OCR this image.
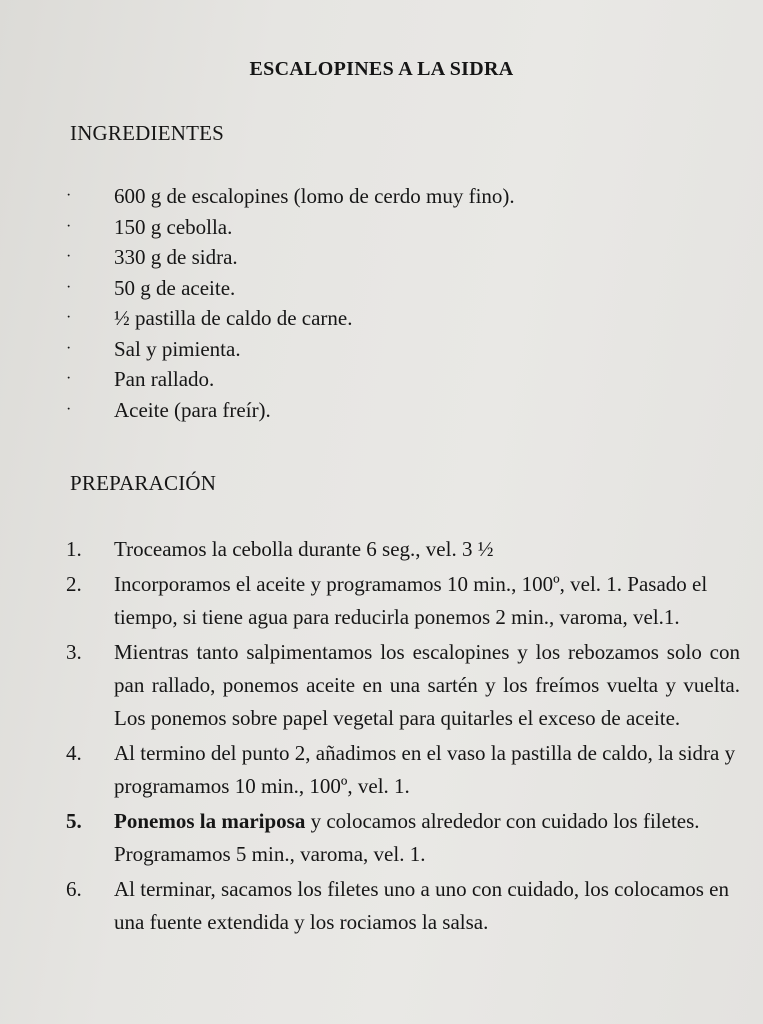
ESCALOPINES A LA SIDRA
INGREDIENTES
· 600 g de escalopines (lomo de cerdo muy fino).
· 150 g cebolla.
· 330 g de sidra.
· 50 g de aceite.
· ½ pastilla de caldo de carne.
· Sal y pimienta.
· Pan rallado.
· Aceite (para freír).
PREPARACIÓN
1. Troceamos la cebolla durante 6 seg., vel. 3 ½
2. Incorporamos el aceite y programamos 10 min., 100º, vel. 1. Pasado el tiempo, si tiene agua para reducirla ponemos 2 min., varoma, vel.1.
3. Mientras tanto salpimentamos los escalopines y los rebozamos solo con pan rallado, ponemos aceite en una sartén y los freímos vuelta y vuelta. Los ponemos sobre papel vegetal para quitarles el exceso de aceite.
4. Al termino del punto 2, añadimos en el vaso la pastilla de caldo, la sidra y programamos 10 min., 100º, vel. 1.
5. Ponemos la mariposa y colocamos alrededor con cuidado los filetes. Programamos 5 min., varoma, vel. 1.
6. Al terminar, sacamos los filetes uno a uno con cuidado, los colocamos en una fuente extendida y los rociamos la salsa.
